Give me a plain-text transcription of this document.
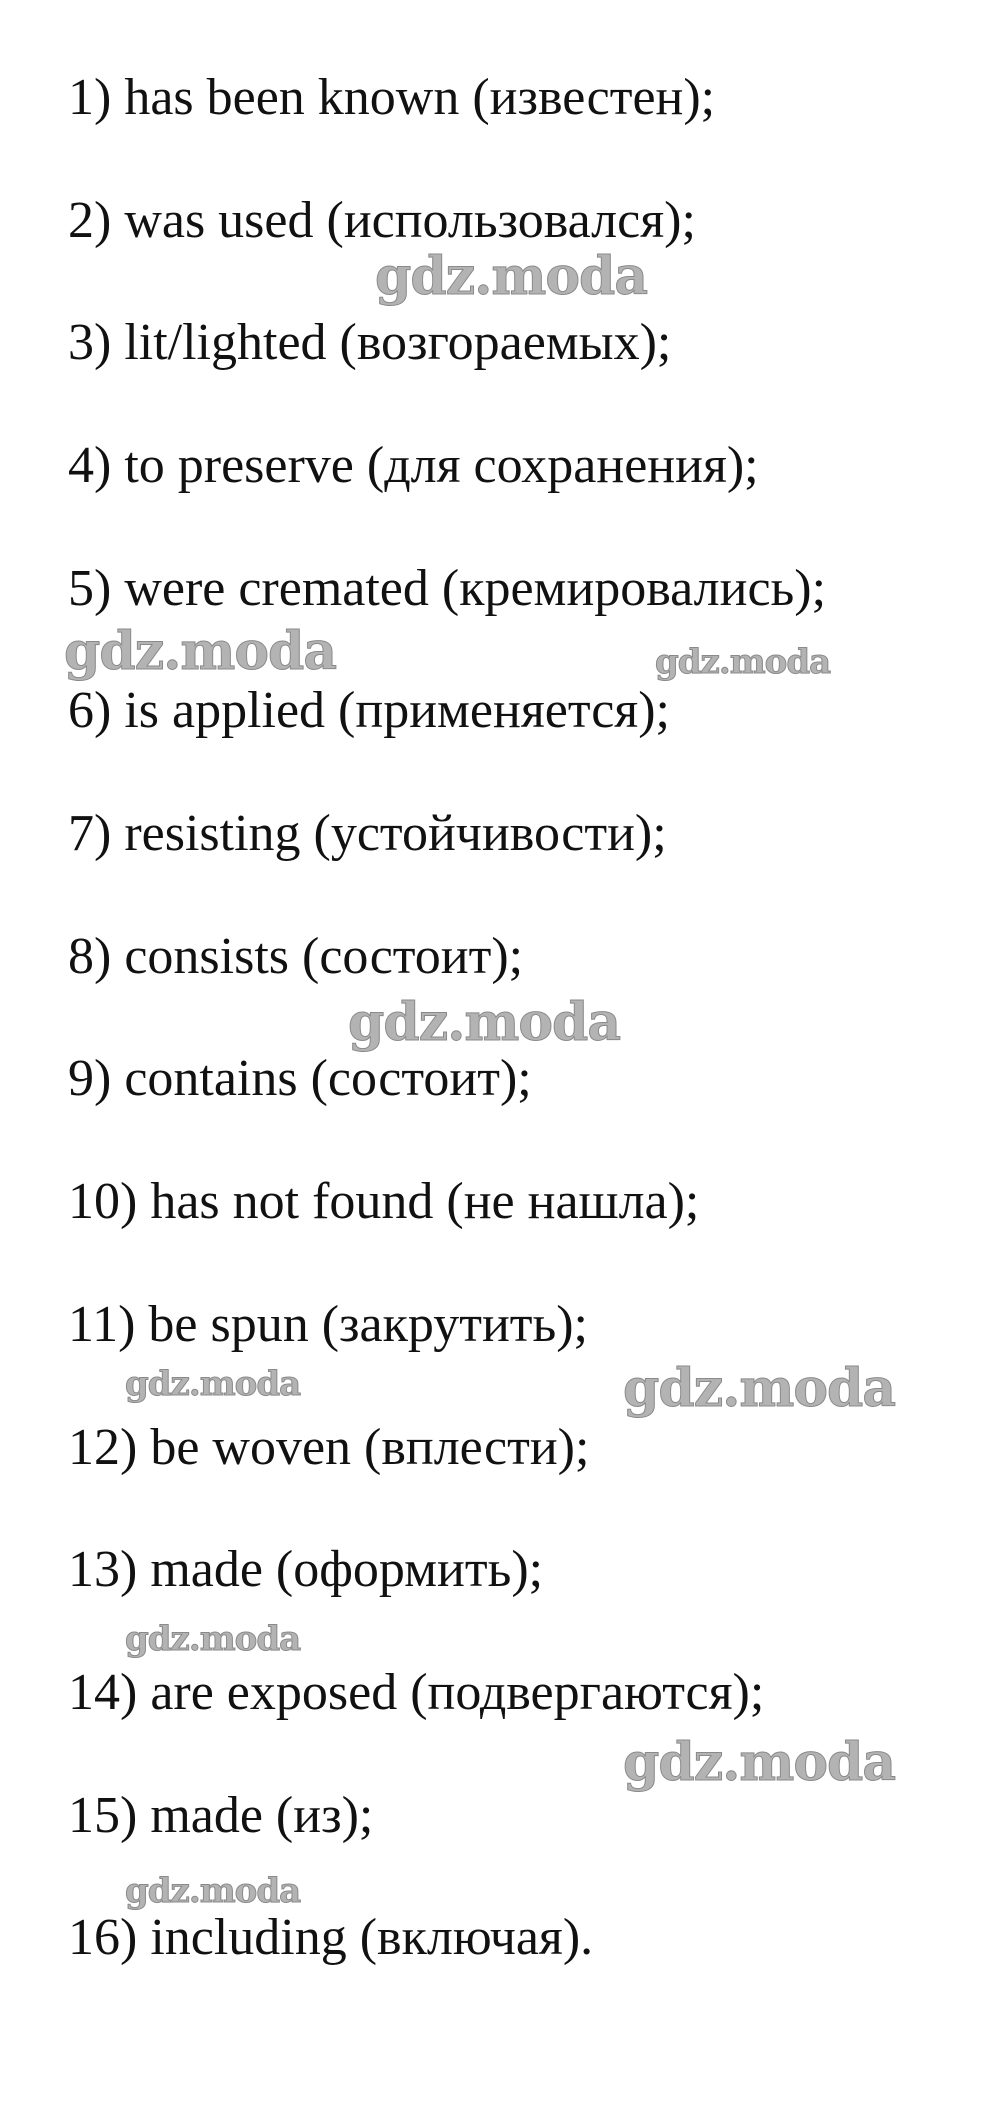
1) has been known (известен);
2) was used (использовался);
3) lit/lighted (возгораемых);
4) to preserve (для сохранения);
5) were cremated (кремировались);
6) is applied (применяется);
7) resisting (устойчивости);
8) consists (состоит);
9) contains (состоит);
10) has not found (не нашла);
11) be spun (закрутить);
12) be woven (вплести);
13) made (оформить);
14) are exposed (подвергаются);
15) made (из);
16) including (включая).
gdz.moda
gdz.moda	gdz.moda
gdz.moda
gdz.moda	gdz.moda
gdz.moda
gdz.moda
gdz.moda
